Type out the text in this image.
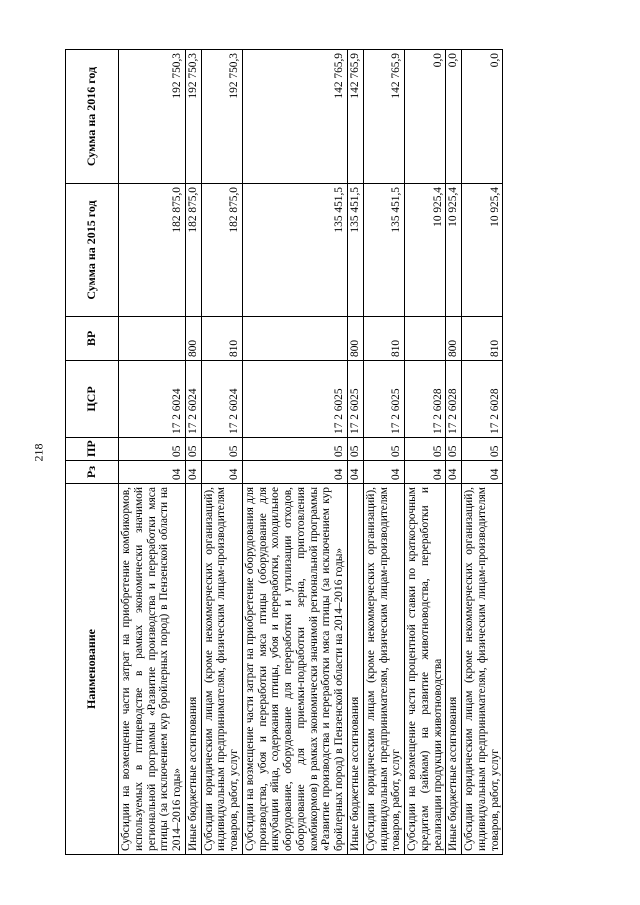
218
Наименование	Рз	ПР	ЦСР	ВР	Сумма на 2015 год	Сумма на 2016 год
Субсидии на возмещение части затрат на приобретение комбикормов, используемых в птицеводстве в рамках экономически значимой региональной программы «Развитие производства и переработки мяса птицы (за исключением кур бройлерных пород) в Пензенской области на 2014–2016 годы»	04	05	17 2 6024		182 875,0	192 750,3
Иные бюджетные ассигнования	04	05	17 2 6024	800	182 875,0	192 750,3
Субсидии юридическим лицам (кроме некоммерческих организаций), индивидуальным предпринимателям, физическим лицам-производителям товаров, работ, услуг	04	05	17 2 6024	810	182 875,0	192 750,3
Субсидии на возмещение части затрат на приобретение оборудования для производства, убоя и переработки мяса птицы (оборудование для инкубации яйца, содержания птицы, убоя и переработки, холодильное оборудование, оборудование для переработки и утилизации отходов, оборудование для приемки-подработки зерна, приготовления комбикормов) в рамках экономически значимой региональной программы «Развитие производства и переработки мяса птицы (за исключением кур бройлерных пород) в Пензенской области на 2014–2016 годы»	04	05	17 2 6025		135 451,5	142 765,9
Иные бюджетные ассигнования	04	05	17 2 6025	800	135 451,5	142 765,9
Субсидии юридическим лицам (кроме некоммерческих организаций), индивидуальным предпринимателям, физическим лицам-производителям товаров, работ, услуг	04	05	17 2 6025	810	135 451,5	142 765,9
Субсидии на возмещение части процентной ставки по краткосрочным кредитам (займам) на развитие животноводства, переработки и реализации продукции животноводства	04	05	17 2 6028		10 925,4	0,0
Иные бюджетные ассигнования	04	05	17 2 6028	800	10 925,4	0,0
Субсидии юридическим лицам (кроме некоммерческих организаций), индивидуальным предпринимателям, физическим лицам-производителям товаров, работ, услуг	04	05	17 2 6028	810	10 925,4	0,0
